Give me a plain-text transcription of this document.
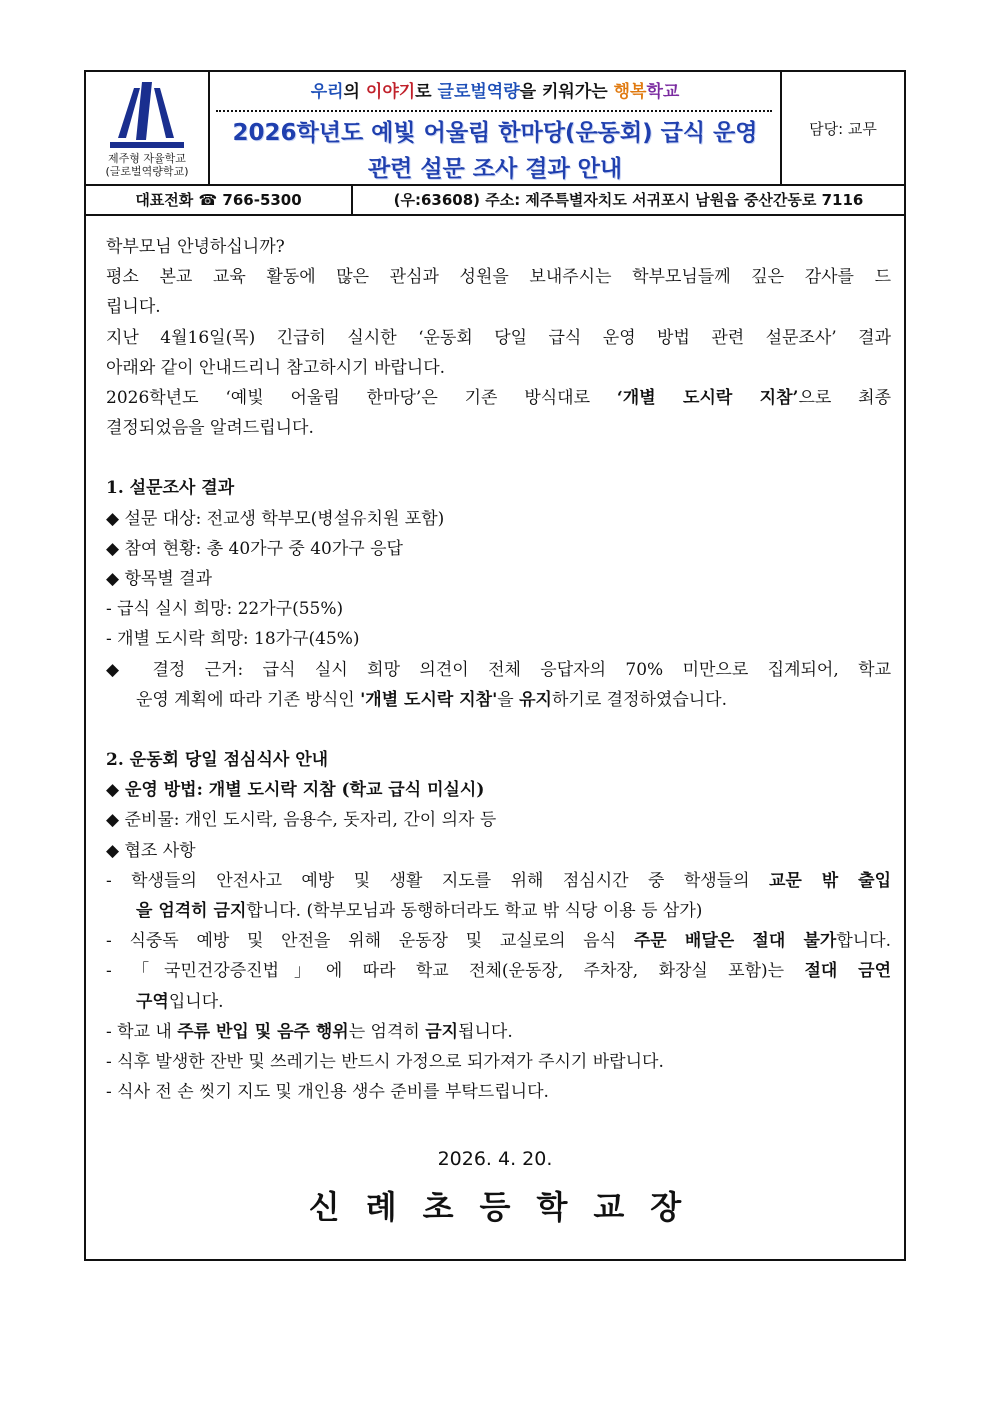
제주형 자율학교
(글로벌역량학교)
우리의 이야기로 글로벌역량을 키워가는 행복학교
2026학년도 예빛 어울림 한마당(운동회) 급식 운영
관련 설문 조사 결과 안내
담당: 교무
대표전화 ☎ 766-5300	(우:63608) 주소: 제주특별자치도 서귀포시 남원읍 중산간동로 7116

학부모님 안녕하십니까?

평소 본교 교육 활동에 많은 관심과 성원을 보내주시는 학부모님들께 깊은 감사를 드

립니다.

지난 4월16일(목) 긴급히 실시한 ‘운동회 당일 급식 운영 방법 관련 설문조사’ 결과

아래와 같이 안내드리니 참고하시기 바랍니다.

2026학년도 ‘예빛 어울림 한마당’은 기존 방식대로 ‘개별 도시락 지참’으로 최종

결정되었음을 알려드립니다.

1. 설문조사 결과

◆ 설문 대상: 전교생 학부모(병설유치원 포함)

◆ 참여 현황: 총 40가구 중 40가구 응답

◆ 항목별 결과

- 급식 실시 희망: 22가구(55%)

- 개별 도시락 희망: 18가구(45%)

◆ 결정 근거: 급식 실시 희망 의견이 전체 응답자의 70% 미만으로 집계되어, 학교

운영 계획에 따라 기존 방식인 '개별 도시락 지참'을 유지하기로 결정하였습니다.

2. 운동회 당일 점심식사 안내

◆ 운영 방법: 개별 도시락 지참 (학교 급식 미실시)

◆ 준비물: 개인 도시락, 음용수, 돗자리, 간이 의자 등

◆ 협조 사항

- 학생들의 안전사고 예방 및 생활 지도를 위해 점심시간 중 학생들의 교문 밖 출입

을 엄격히 금지합니다. (학부모님과 동행하더라도 학교 밖 식당 이용 등 삼가)

- 식중독 예방 및 안전을 위해 운동장 및 교실로의 음식 주문 배달은 절대 불가합니다.

- 「국민건강증진법」에 따라 학교 전체(운동장, 주차장, 화장실 포함)는 절대 금연

구역입니다.

- 학교 내 주류 반입 및 음주 행위는 엄격히 금지됩니다.

- 식후 발생한 잔반 및 쓰레기는 반드시 가정으로 되가져가 주시기 바랍니다.

- 식사 전 손 씻기 지도 및 개인용 생수 준비를 부탁드립니다.

2026. 4. 20.
신례초등학교장
